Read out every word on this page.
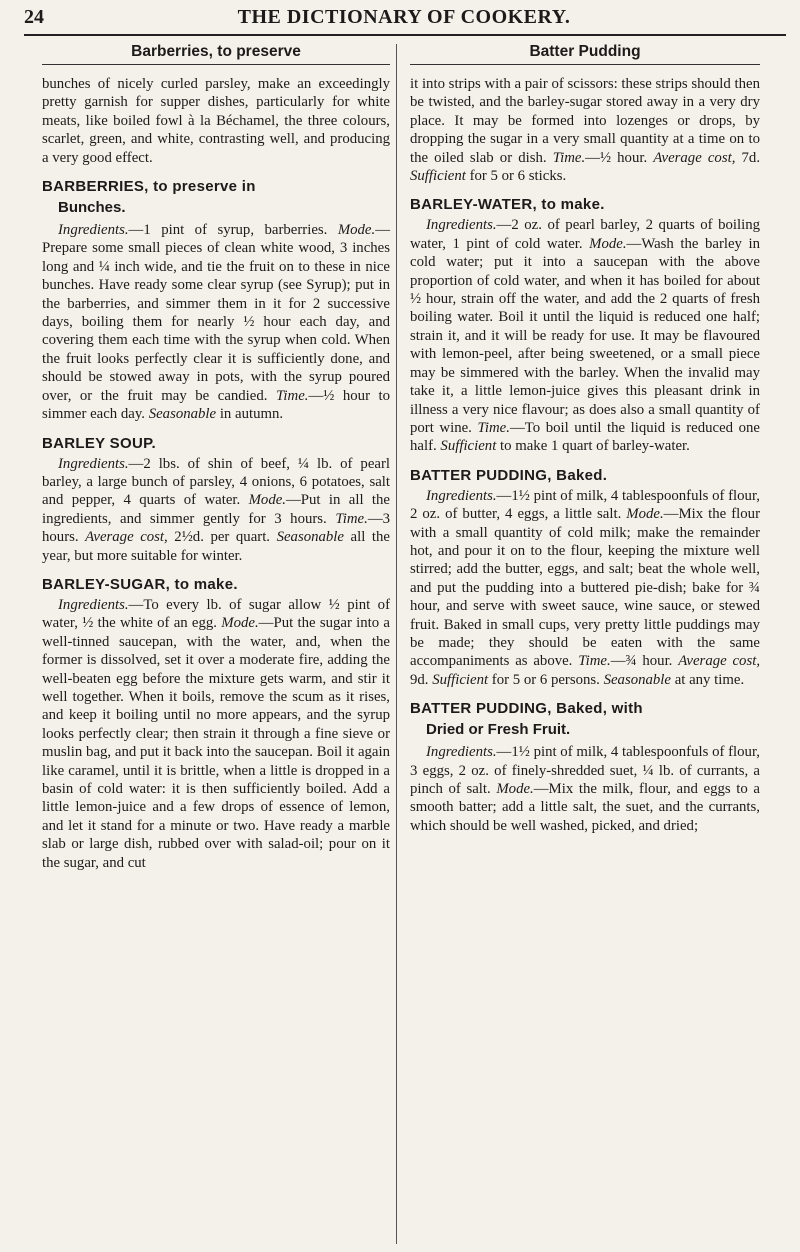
24	THE DICTIONARY OF COOKERY.
Barberries, to preserve

bunches of nicely curled parsley, make an exceedingly pretty garnish for supper dishes, particularly for white meats, like boiled fowl à la Béchamel, the three colours, scarlet, green, and white, contrasting well, and producing a very good effect.

BARBERRIES, to preserve in
Bunches.

Ingredients.—1 pint of syrup, barberries. Mode.—Prepare some small pieces of clean white wood, 3 inches long and ¼ inch wide, and tie the fruit on to these in nice bunches. Have ready some clear syrup (see Syrup); put in the barberries, and simmer them in it for 2 successive days, boiling them for nearly ½ hour each day, and covering them each time with the syrup when cold. When the fruit looks perfectly clear it is sufficiently done, and should be stowed away in pots, with the syrup poured over, or the fruit may be candied. Time.—½ hour to simmer each day. Seasonable in autumn.

BARLEY SOUP.

Ingredients.—2 lbs. of shin of beef, ¼ lb. of pearl barley, a large bunch of parsley, 4 onions, 6 potatoes, salt and pepper, 4 quarts of water. Mode.—Put in all the ingredients, and simmer gently for 3 hours. Time.—3 hours. Average cost, 2½d. per quart. Seasonable all the year, but more suitable for winter.

BARLEY-SUGAR, to make.

Ingredients.—To every lb. of sugar allow ½ pint of water, ½ the white of an egg. Mode.—Put the sugar into a well-tinned saucepan, with the water, and, when the former is dissolved, set it over a moderate fire, adding the well-beaten egg before the mixture gets warm, and stir it well together. When it boils, remove the scum as it rises, and keep it boiling until no more appears, and the syrup looks perfectly clear; then strain it through a fine sieve or muslin bag, and put it back into the saucepan. Boil it again like caramel, until it is brittle, when a little is dropped in a basin of cold water: it is then sufficiently boiled. Add a little lemon-juice and a few drops of essence of lemon, and let it stand for a minute or two. Have ready a marble slab or large dish, rubbed over with salad-oil; pour on it the sugar, and cut

Batter Pudding

it into strips with a pair of scissors: these strips should then be twisted, and the barley-sugar stored away in a very dry place. It may be formed into lozenges or drops, by dropping the sugar in a very small quantity at a time on to the oiled slab or dish. Time.—½ hour. Average cost, 7d. Sufficient for 5 or 6 sticks.

BARLEY-WATER, to make.

Ingredients.—2 oz. of pearl barley, 2 quarts of boiling water, 1 pint of cold water. Mode.—Wash the barley in cold water; put it into a saucepan with the above proportion of cold water, and when it has boiled for about ½ hour, strain off the water, and add the 2 quarts of fresh boiling water. Boil it until the liquid is reduced one half; strain it, and it will be ready for use. It may be flavoured with lemon-peel, after being sweetened, or a small piece may be simmered with the barley. When the invalid may take it, a little lemon-juice gives this pleasant drink in illness a very nice flavour; as does also a small quantity of port wine. Time.—To boil until the liquid is reduced one half. Sufficient to make 1 quart of barley-water.

BATTER PUDDING, Baked.

Ingredients.—1½ pint of milk, 4 tablespoonfuls of flour, 2 oz. of butter, 4 eggs, a little salt. Mode.—Mix the flour with a small quantity of cold milk; make the remainder hot, and pour it on to the flour, keeping the mixture well stirred; add the butter, eggs, and salt; beat the whole well, and put the pudding into a buttered pie-dish; bake for ¾ hour, and serve with sweet sauce, wine sauce, or stewed fruit. Baked in small cups, very pretty little puddings may be made; they should be eaten with the same accompaniments as above. Time.—¾ hour. Average cost, 9d. Sufficient for 5 or 6 persons. Seasonable at any time.

BATTER PUDDING, Baked, with
Dried or Fresh Fruit.

Ingredients.—1½ pint of milk, 4 tablespoonfuls of flour, 3 eggs, 2 oz. of finely-shredded suet, ¼ lb. of currants, a pinch of salt. Mode.—Mix the milk, flour, and eggs to a smooth batter; add a little salt, the suet, and the currants, which should be well washed, picked, and dried;
